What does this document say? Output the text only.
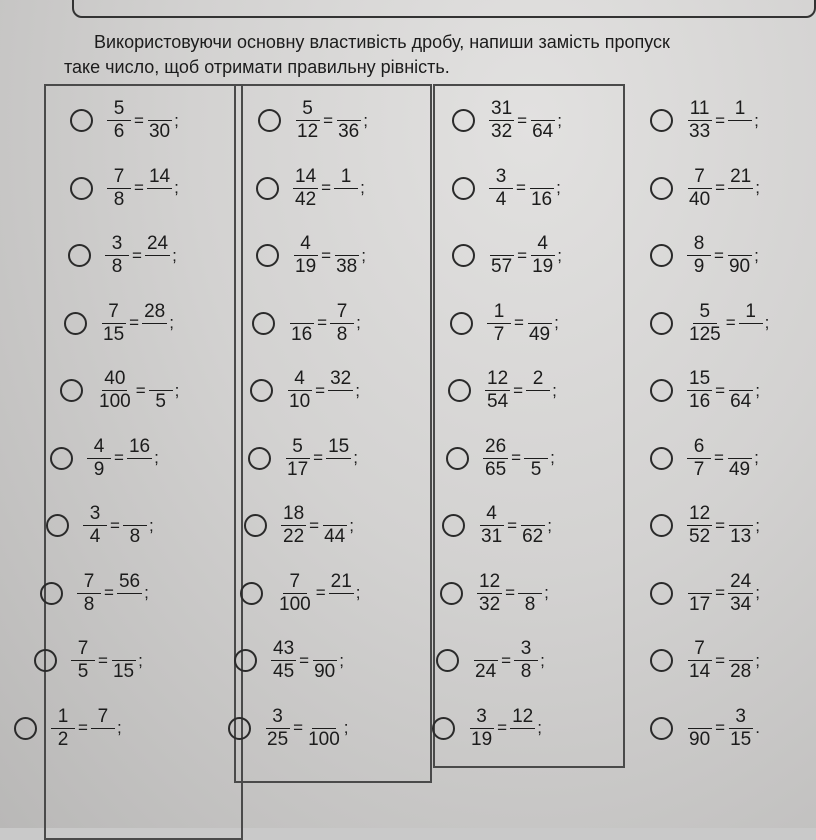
Використовуючи основну властивість дробу, напиши замість пропуск
таке число, щоб отримати правильну рівність.
$\frac{5}{6}$ =
30
;
$\frac{7}{8}$ =
14
;
$\frac{3}{8}$ =
24
;
$\frac{7}{15}$ =
28
;
$\frac{40}{100}$ =
5
;
$\frac{4}{9}$ =
16
;
$\frac{3}{4}$ =
8
;
$\frac{7}{8}$ =
56
;
$\frac{7}{5}$ =
15
;
$\frac{1}{2}$ =
7
;
$\frac{5}{12}$ =
36
;
$\frac{14}{42}$ =
1
;
$\frac{4}{19}$ =
38
;
16
= $\frac{7}{8}$ ;
$\frac{4}{10}$ =
32
;
$\frac{5}{17}$ =
15
;
$\frac{18}{22}$ =
44
;
$\frac{7}{100}$ =
21
;
$\frac{43}{45}$ =
90
;
$\frac{3}{25}$ =
100
;
$\frac{31}{32}$ =
64
;
$\frac{3}{4}$ =
16
;
57
= $\frac{4}{19}$ ;
$\frac{1}{7}$ =
49
;
$\frac{12}{54}$ =
2
;
$\frac{26}{65}$ =
5
;
$\frac{4}{31}$ =
62
;
$\frac{12}{32}$ =
8
;
24
= $\frac{3}{8}$ ;
$\frac{3}{19}$ =
12
;
$\frac{11}{33}$ =
1
;
$\frac{7}{40}$ =
21
;
$\frac{8}{9}$ =
90
;
$\frac{5}{125}$ =
1
;
$\frac{15}{16}$ =
64
;
$\frac{6}{7}$ =
49
;
$\frac{12}{52}$ =
13
;
17
= $\frac{24}{34}$ ;
$\frac{7}{14}$ =
28
;
90
= $\frac{3}{15}$ .
